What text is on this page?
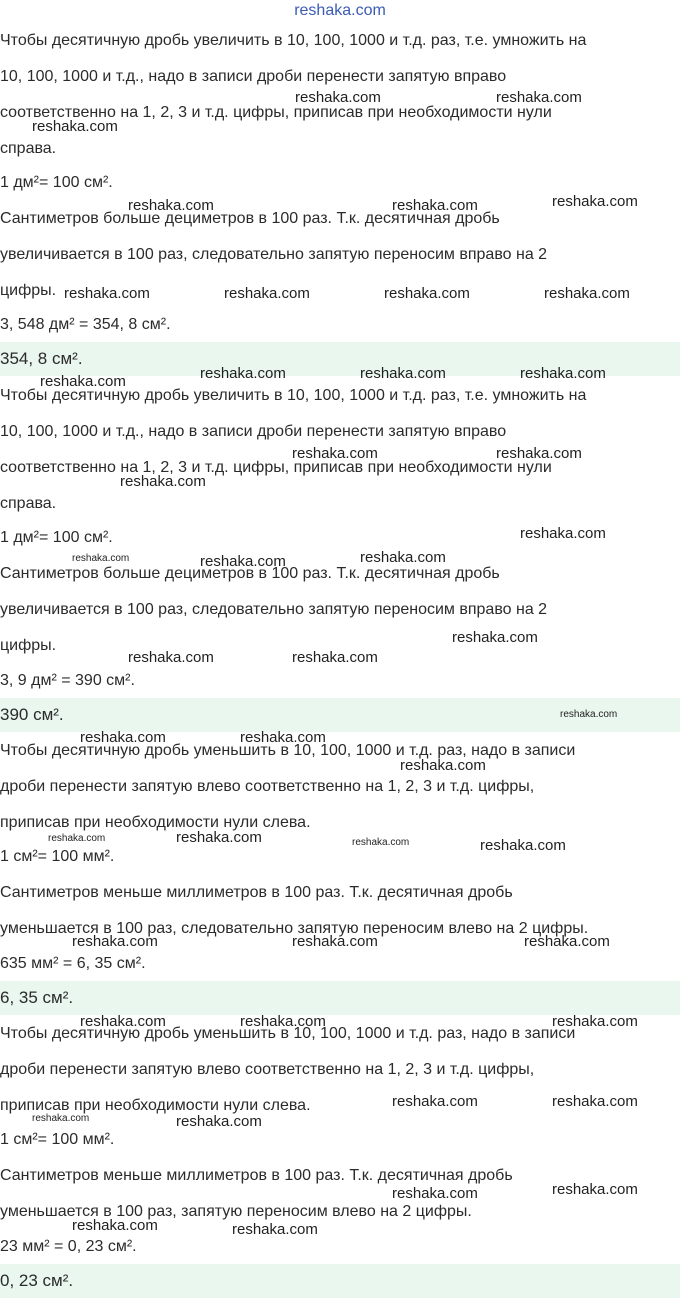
reshaka.com
Чтобы десятичную дробь увеличить в 10, 100, 1000 и т.д. раз, т.е. умножить на
10, 100, 1000 и т.д., надо в записи дроби перенести запятую вправо
соответственно на 1, 2, 3 и т.д. цифры, приписав при необходимости нули
справа.
1 дм²= 100 см².
Сантиметров больше дециметров в 100 раз. Т.к. десятичная дробь
увеличивается в 100 раз, следовательно запятую переносим вправо на 2
цифры.
3, 548 дм² = 354, 8 см².
354, 8 см².
Чтобы десятичную дробь увеличить в 10, 100, 1000 и т.д. раз, т.е. умножить на
10, 100, 1000 и т.д., надо в записи дроби перенести запятую вправо
соответственно на 1, 2, 3 и т.д. цифры, приписав при необходимости нули
справа.
1 дм²= 100 см².
Сантиметров больше дециметров в 100 раз. Т.к. десятичная дробь
увеличивается в 100 раз, следовательно запятую переносим вправо на 2
цифры.
3, 9 дм² = 390 см².
390 см².
Чтобы десятичную дробь уменьшить в 10, 100, 1000 и т.д. раз, надо в записи
дроби перенести запятую влево соответственно на 1, 2, 3 и т.д. цифры,
приписав при необходимости нули слева.
1 см²= 100 мм².
Сантиметров меньше миллиметров в 100 раз. Т.к. десятичная дробь
уменьшается в 100 раз, следовательно запятую переносим влево на 2 цифры.
635 мм² = 6, 35 см².
6, 35 см².
Чтобы десятичную дробь уменьшить в 10, 100, 1000 и т.д. раз, надо в записи
дроби перенести запятую влево соответственно на 1, 2, 3 и т.д. цифры,
приписав при необходимости нули слева.
1 см²= 100 мм².
Сантиметров меньше миллиметров в 100 раз. Т.к. десятичная дробь
уменьшается в 100 раз, запятую переносим влево на 2 цифры.
23 мм² = 0, 23 см².
0, 23 см².
reshaka.com	reshaka.com
reshaka.com
reshaka.com	reshaka.com	reshaka.com
reshaka.com	reshaka.com	reshaka.com	reshaka.com
reshaka.com	reshaka.com	reshaka.com	reshaka.com
reshaka.com	reshaka.com
reshaka.com
reshaka.com
reshaka.com	reshaka.com	reshaka.com
reshaka.com
reshaka.com	reshaka.com
reshaka.com
reshaka.com	reshaka.com
reshaka.com
reshaka.com	reshaka.com	reshaka.com	reshaka.com
reshaka.com	reshaka.com	reshaka.com
reshaka.com	reshaka.com	reshaka.com
reshaka.com	reshaka.com
reshaka.com	reshaka.com
reshaka.com	reshaka.com
reshaka.com	reshaka.com
